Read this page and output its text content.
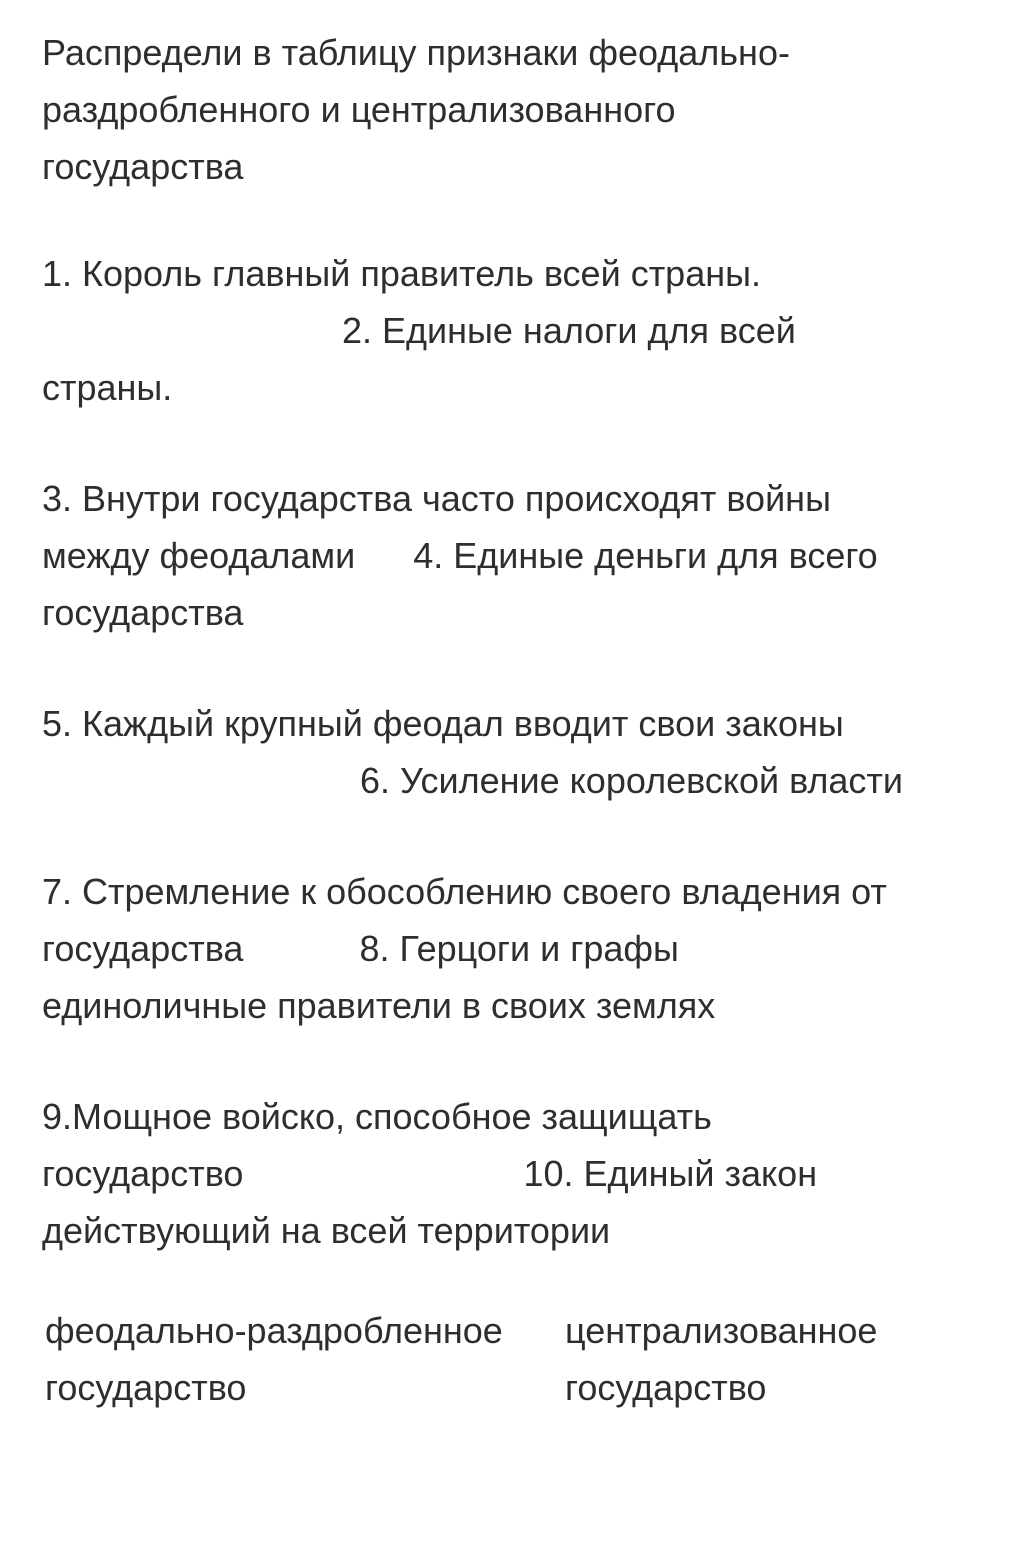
Распредели в таблицу признаки феодально-
раздробленного и централизованного
государства

1. Король главный правитель всей страны.
2. Единые налоги для всей
страны.

3. Внутри государства часто происходят войны
между феодалами 4. Единые деньги для всего
государства

5. Каждый крупный феодал вводит свои законы
6. Усиление королевской власти

7. Стремление к обособлению своего владения от
государства	8. Герцоги и графы
единоличные правители в своих землях

9.Мощное войско, способное защищать
государство	10. Единый закон
действующий на всей территории

феодально-раздробленное
государство
централизованное
государство
